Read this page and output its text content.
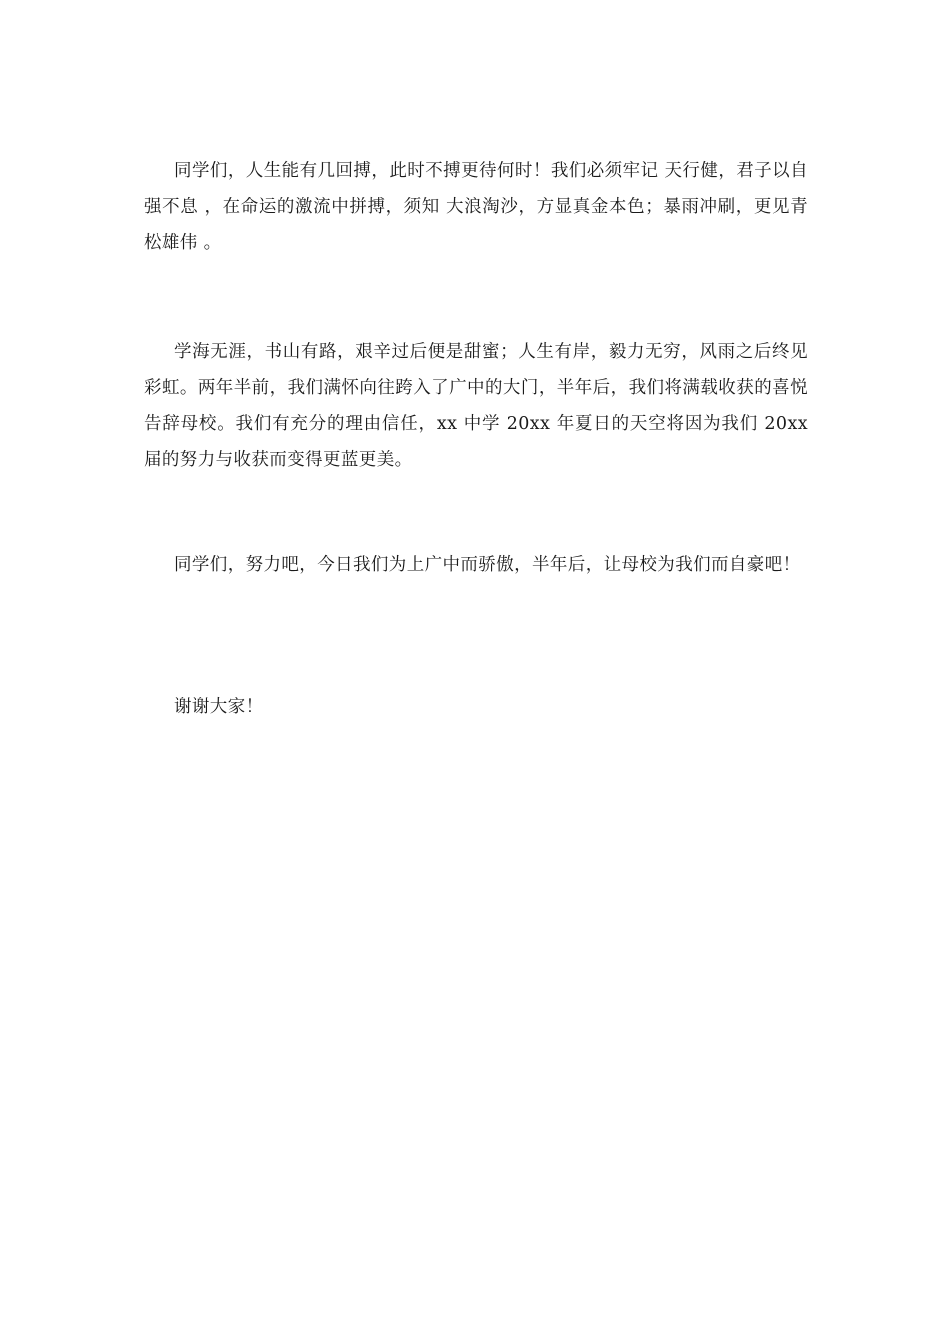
同学们，人生能有几回搏，此时不搏更待何时！我们必须牢记 天行健，君子以自强不息 ，在命运的激流中拼搏，须知 大浪淘沙，方显真金本色；暴雨冲刷，更见青松雄伟 。

学海无涯，书山有路，艰辛过后便是甜蜜；人生有岸，毅力无穷，风雨之后终见彩虹。两年半前，我们满怀向往跨入了广中的大门，半年后，我们将满载收获的喜悦告辞母校。我们有充分的理由信任，xx 中学 20xx 年夏日的天空将因为我们 20xx 届的努力与收获而变得更蓝更美。

同学们，努力吧，今日我们为上广中而骄傲，半年后，让母校为我们而自豪吧！

谢谢大家！
